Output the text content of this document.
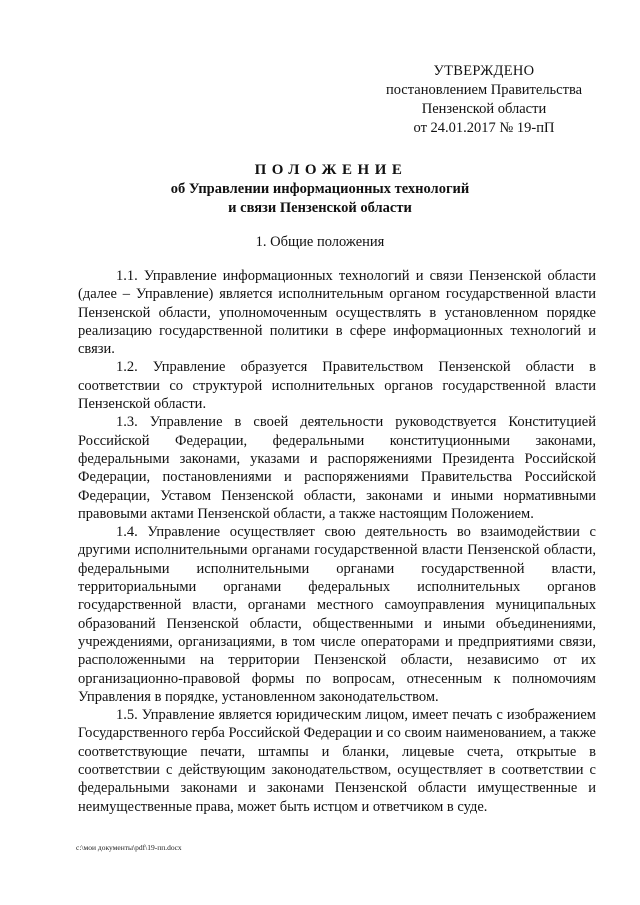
УТВЕРЖДЕНО
постановлением Правительства
Пензенской области
от 24.01.2017 № 19-пП
ПОЛОЖЕНИЕ
об Управлении информационных технологий
и связи Пензенской области
1. Общие положения

1.1. Управление информационных технологий и связи Пензенской области (далее – Управление) является исполнительным органом государственной власти Пензенской области, уполномоченным осуществлять в установленном порядке реализацию государственной политики в сфере информационных технологий и связи.

1.2. Управление образуется Правительством Пензенской области в соответствии со структурой исполнительных органов государственной власти Пензенской области.

1.3. Управление в своей деятельности руководствуется Конституцией Российской Федерации, федеральными конституционными законами, федеральными законами, указами и распоряжениями Президента Российской Федерации, постановлениями и распоряжениями Правительства Российской Федерации, Уставом Пензенской области, законами и иными нормативными правовыми актами Пензенской области, а также настоящим Положением.

1.4. Управление осуществляет свою деятельность во взаимодействии с другими исполнительными органами государственной власти Пензенской области, федеральными исполнительными органами государственной власти, территориальными органами федеральных исполнительных органов государственной власти, органами местного самоуправления муниципальных образований Пензенской области, общественными и иными объединениями, учреждениями, организациями, в том числе операторами и предприятиями связи, расположенными на территории Пензенской области, независимо от их организационно-правовой формы по вопросам, отнесенным к полномочиям Управления в порядке, установленном законодательством.

1.5. Управление является юридическим лицом, имеет печать с изображением Государственного герба Российской Федерации и со своим наименованием, а также соответствующие печати, штампы и бланки, лицевые счета, открытые в соответствии с действующим законодательством, осуществляет в соответствии с федеральными законами и законами Пензенской области имущественные и неимущественные права, может быть истцом и ответчиком в суде.

c:\мои документы\pdf\19-пп.docx
